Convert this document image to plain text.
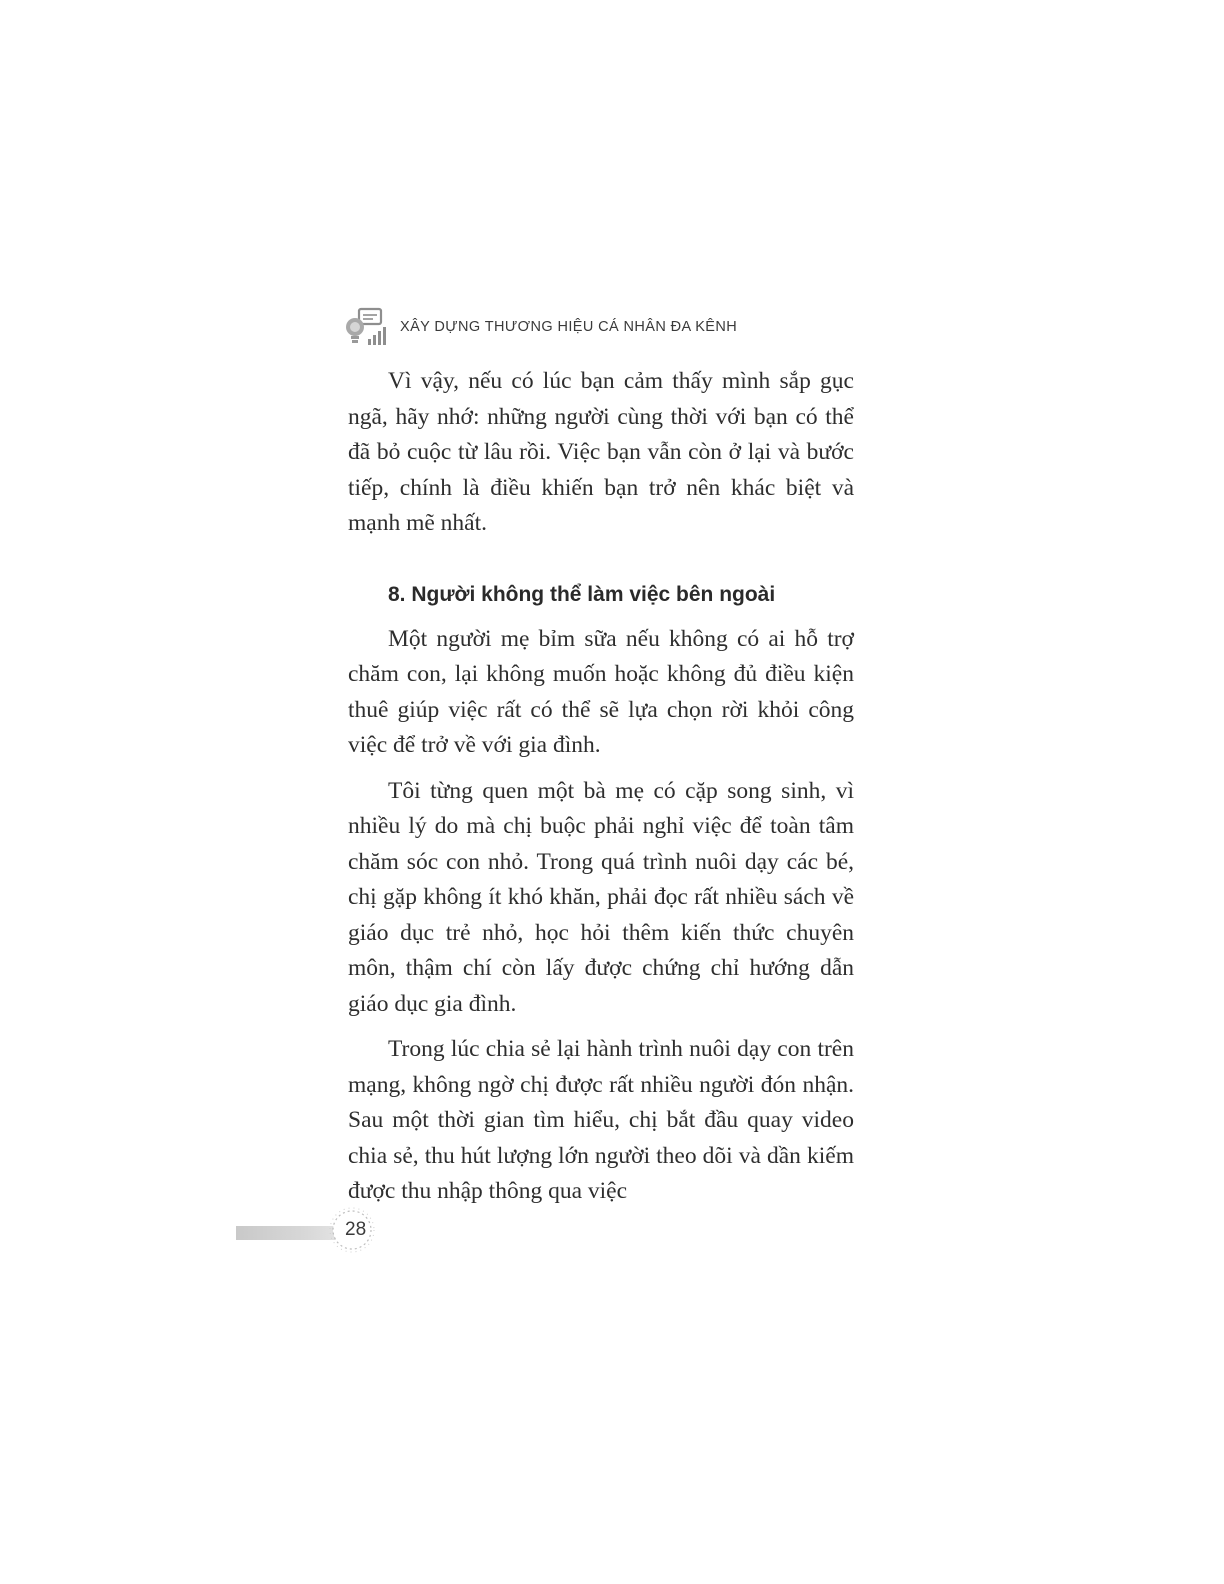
XÂY DỰNG THƯƠNG HIỆU CÁ NHÂN ĐA KÊNH

Vì vậy, nếu có lúc bạn cảm thấy mình sắp gục ngã, hãy nhớ: những người cùng thời với bạn có thể đã bỏ cuộc từ lâu rồi. Việc bạn vẫn còn ở lại và bước tiếp, chính là điều khiến bạn trở nên khác biệt và mạnh mẽ nhất.

8. Người không thể làm việc bên ngoài

Một người mẹ bỉm sữa nếu không có ai hỗ trợ chăm con, lại không muốn hoặc không đủ điều kiện thuê giúp việc rất có thể sẽ lựa chọn rời khỏi công việc để trở về với gia đình.

Tôi từng quen một bà mẹ có cặp song sinh, vì nhiều lý do mà chị buộc phải nghỉ việc để toàn tâm chăm sóc con nhỏ. Trong quá trình nuôi dạy các bé, chị gặp không ít khó khăn, phải đọc rất nhiều sách về giáo dục trẻ nhỏ, học hỏi thêm kiến thức chuyên môn, thậm chí còn lấy được chứng chỉ hướng dẫn giáo dục gia đình.

Trong lúc chia sẻ lại hành trình nuôi dạy con trên mạng, không ngờ chị được rất nhiều người đón nhận. Sau một thời gian tìm hiểu, chị bắt đầu quay video chia sẻ, thu hút lượng lớn người theo dõi và dần kiếm được thu nhập thông qua việc

28
